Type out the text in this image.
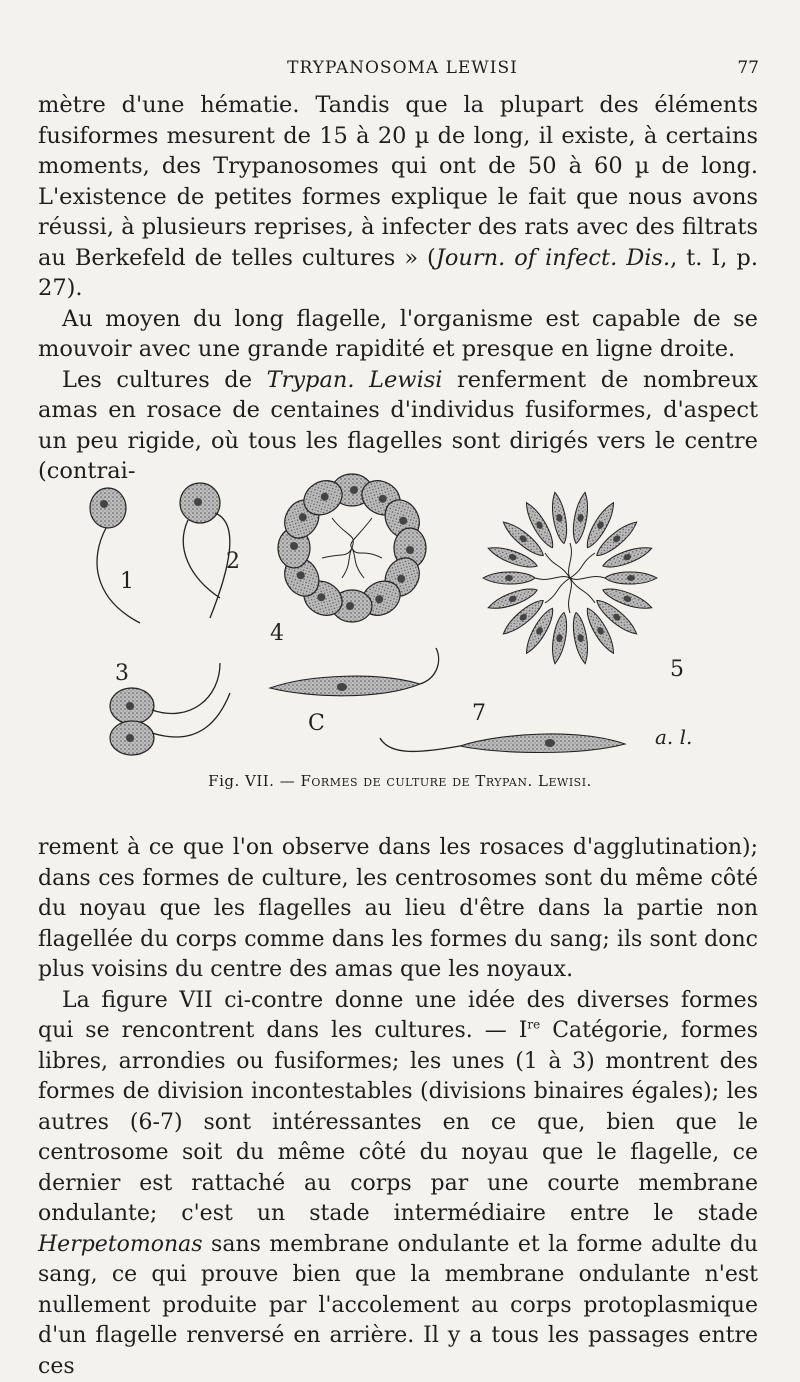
TRYPANOSOMA LEWISI	77

mètre d'une hématie. Tandis que la plupart des éléments fusiformes mesurent de 15 à 20 µ de long, il existe, à certains moments, des Trypanosomes qui ont de 50 à 60 µ de long. L'existence de petites formes explique le fait que nous avons réussi, à plusieurs reprises, à infecter des rats avec des filtrats au Berkefeld de telles cultures » (Journ. of infect. Dis., t. I, p. 27).

Au moyen du long flagelle, l'organisme est capable de se mouvoir avec une grande rapidité et presque en ligne droite.

Les cultures de Trypan. Lewisi renferment de nombreux amas en rosace de centaines d'individus fusiformes, d'aspect un peu rigide, où tous les flagelles sont dirigés vers le centre (contrai-

1
2
3
4
5
C	7
a. l.
Fig. VII. — Formes de culture de Trypan. Lewisi.

rement à ce que l'on observe dans les rosaces d'agglutination); dans ces formes de culture, les centrosomes sont du même côté du noyau que les flagelles au lieu d'être dans la partie non flagellée du corps comme dans les formes du sang; ils sont donc plus voisins du centre des amas que les noyaux.

La figure VII ci-contre donne une idée des diverses formes qui se rencontrent dans les cultures. — Ire Catégorie, formes libres, arrondies ou fusiformes; les unes (1 à 3) montrent des formes de division incontestables (divisions binaires égales); les autres (6-7) sont intéressantes en ce que, bien que le centrosome soit du même côté du noyau que le flagelle, ce dernier est rattaché au corps par une courte membrane ondulante; c'est un stade intermédiaire entre le stade Herpetomonas sans membrane ondulante et la forme adulte du sang, ce qui prouve bien que la membrane ondulante n'est nullement produite par l'accolement au corps protoplasmique d'un flagelle renversé en arrière. Il y a tous les passages entre ces
